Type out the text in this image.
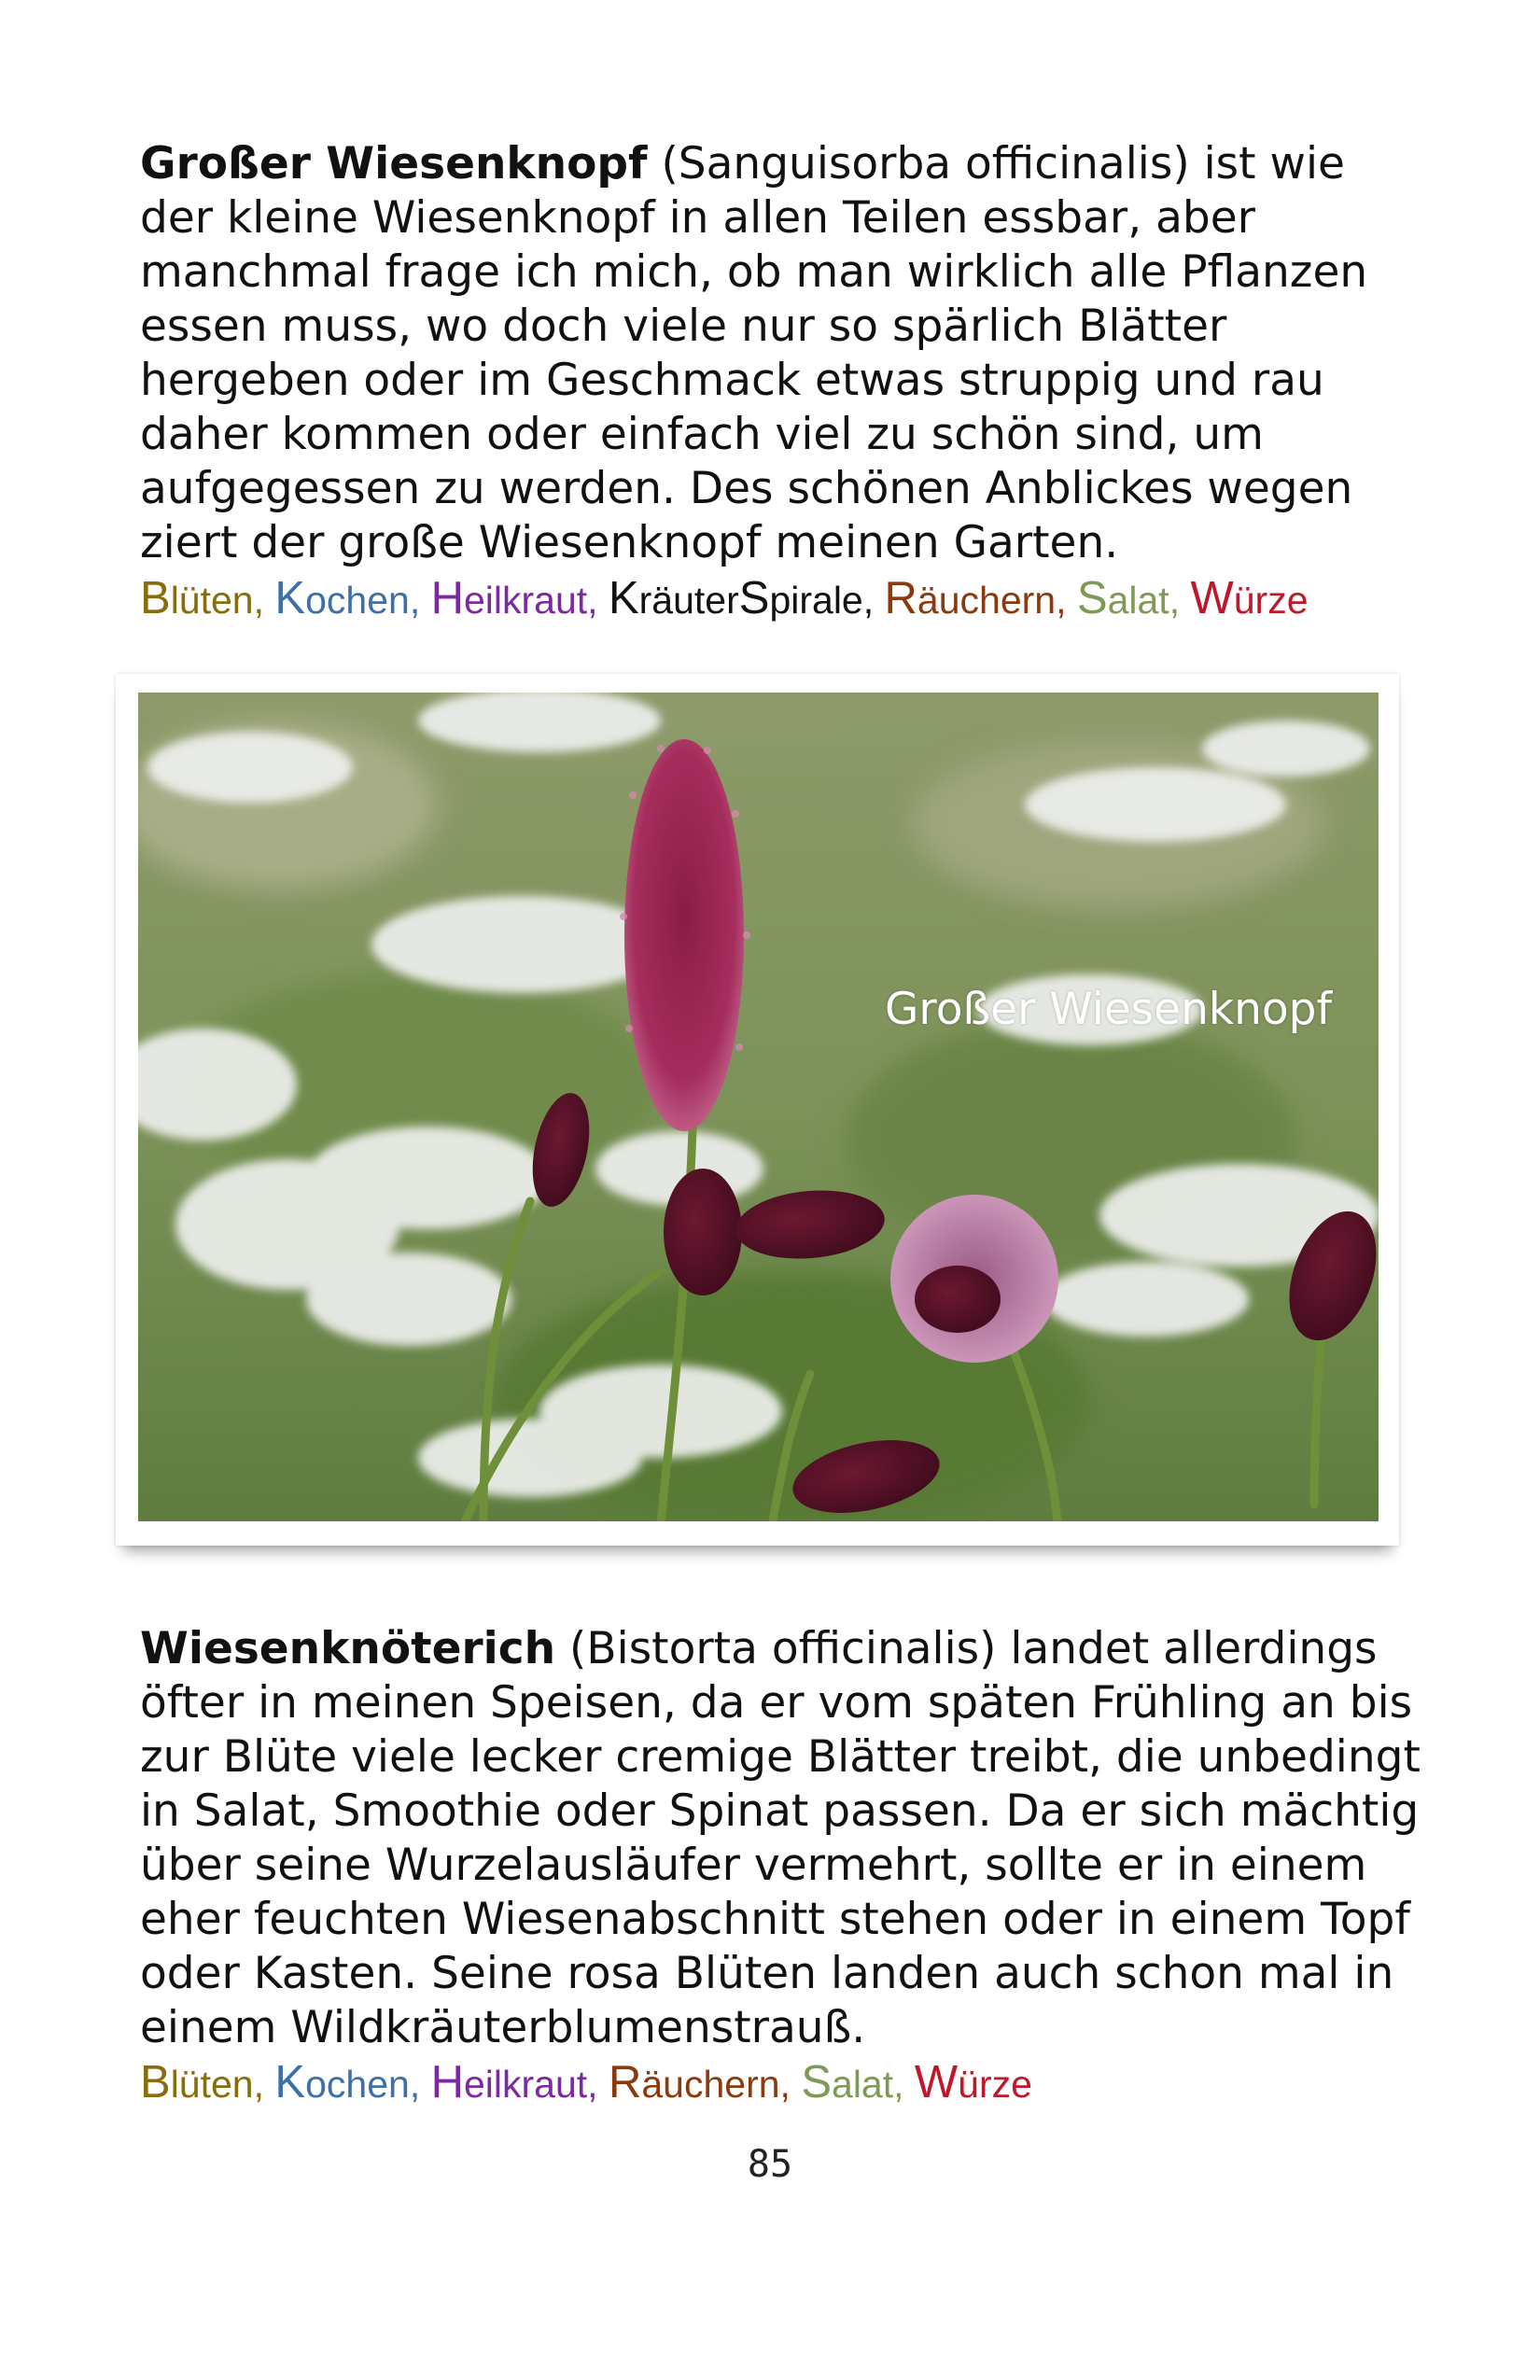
Großer Wiesenknopf (Sanguisorba officinalis) ist wie der kleine Wiesenknopf in allen Teilen essbar, aber manchmal frage ich mich, ob man wirklich alle Pflanzen essen muss, wo doch viele nur so spärlich Blätter hergeben oder im Geschmack etwas struppig und rau daher kommen oder einfach viel zu schön sind, um aufgegessen zu werden. Des schönen Anblickes wegen ziert der große Wiesenknopf meinen Garten.

Blüten, Kochen, Heilkraut, KräuterSpirale, Räuchern, Salat, Würze
Großer Wiesenknopf

Wiesenknöterich (Bistorta officinalis) landet allerdings öfter in meinen Speisen, da er vom späten Frühling an bis zur Blüte viele lecker cremige Blätter treibt, die unbedingt in Salat, Smoothie oder Spinat passen. Da er sich mächtig über seine Wurzelausläufer vermehrt, sollte er in einem eher feuchten Wiesenabschnitt stehen oder in einem Topf oder Kasten. Seine rosa Blüten landen auch schon mal in einem Wildkräuterblumenstrauß.

Blüten, Kochen, Heilkraut, Räuchern, Salat, Würze
85
